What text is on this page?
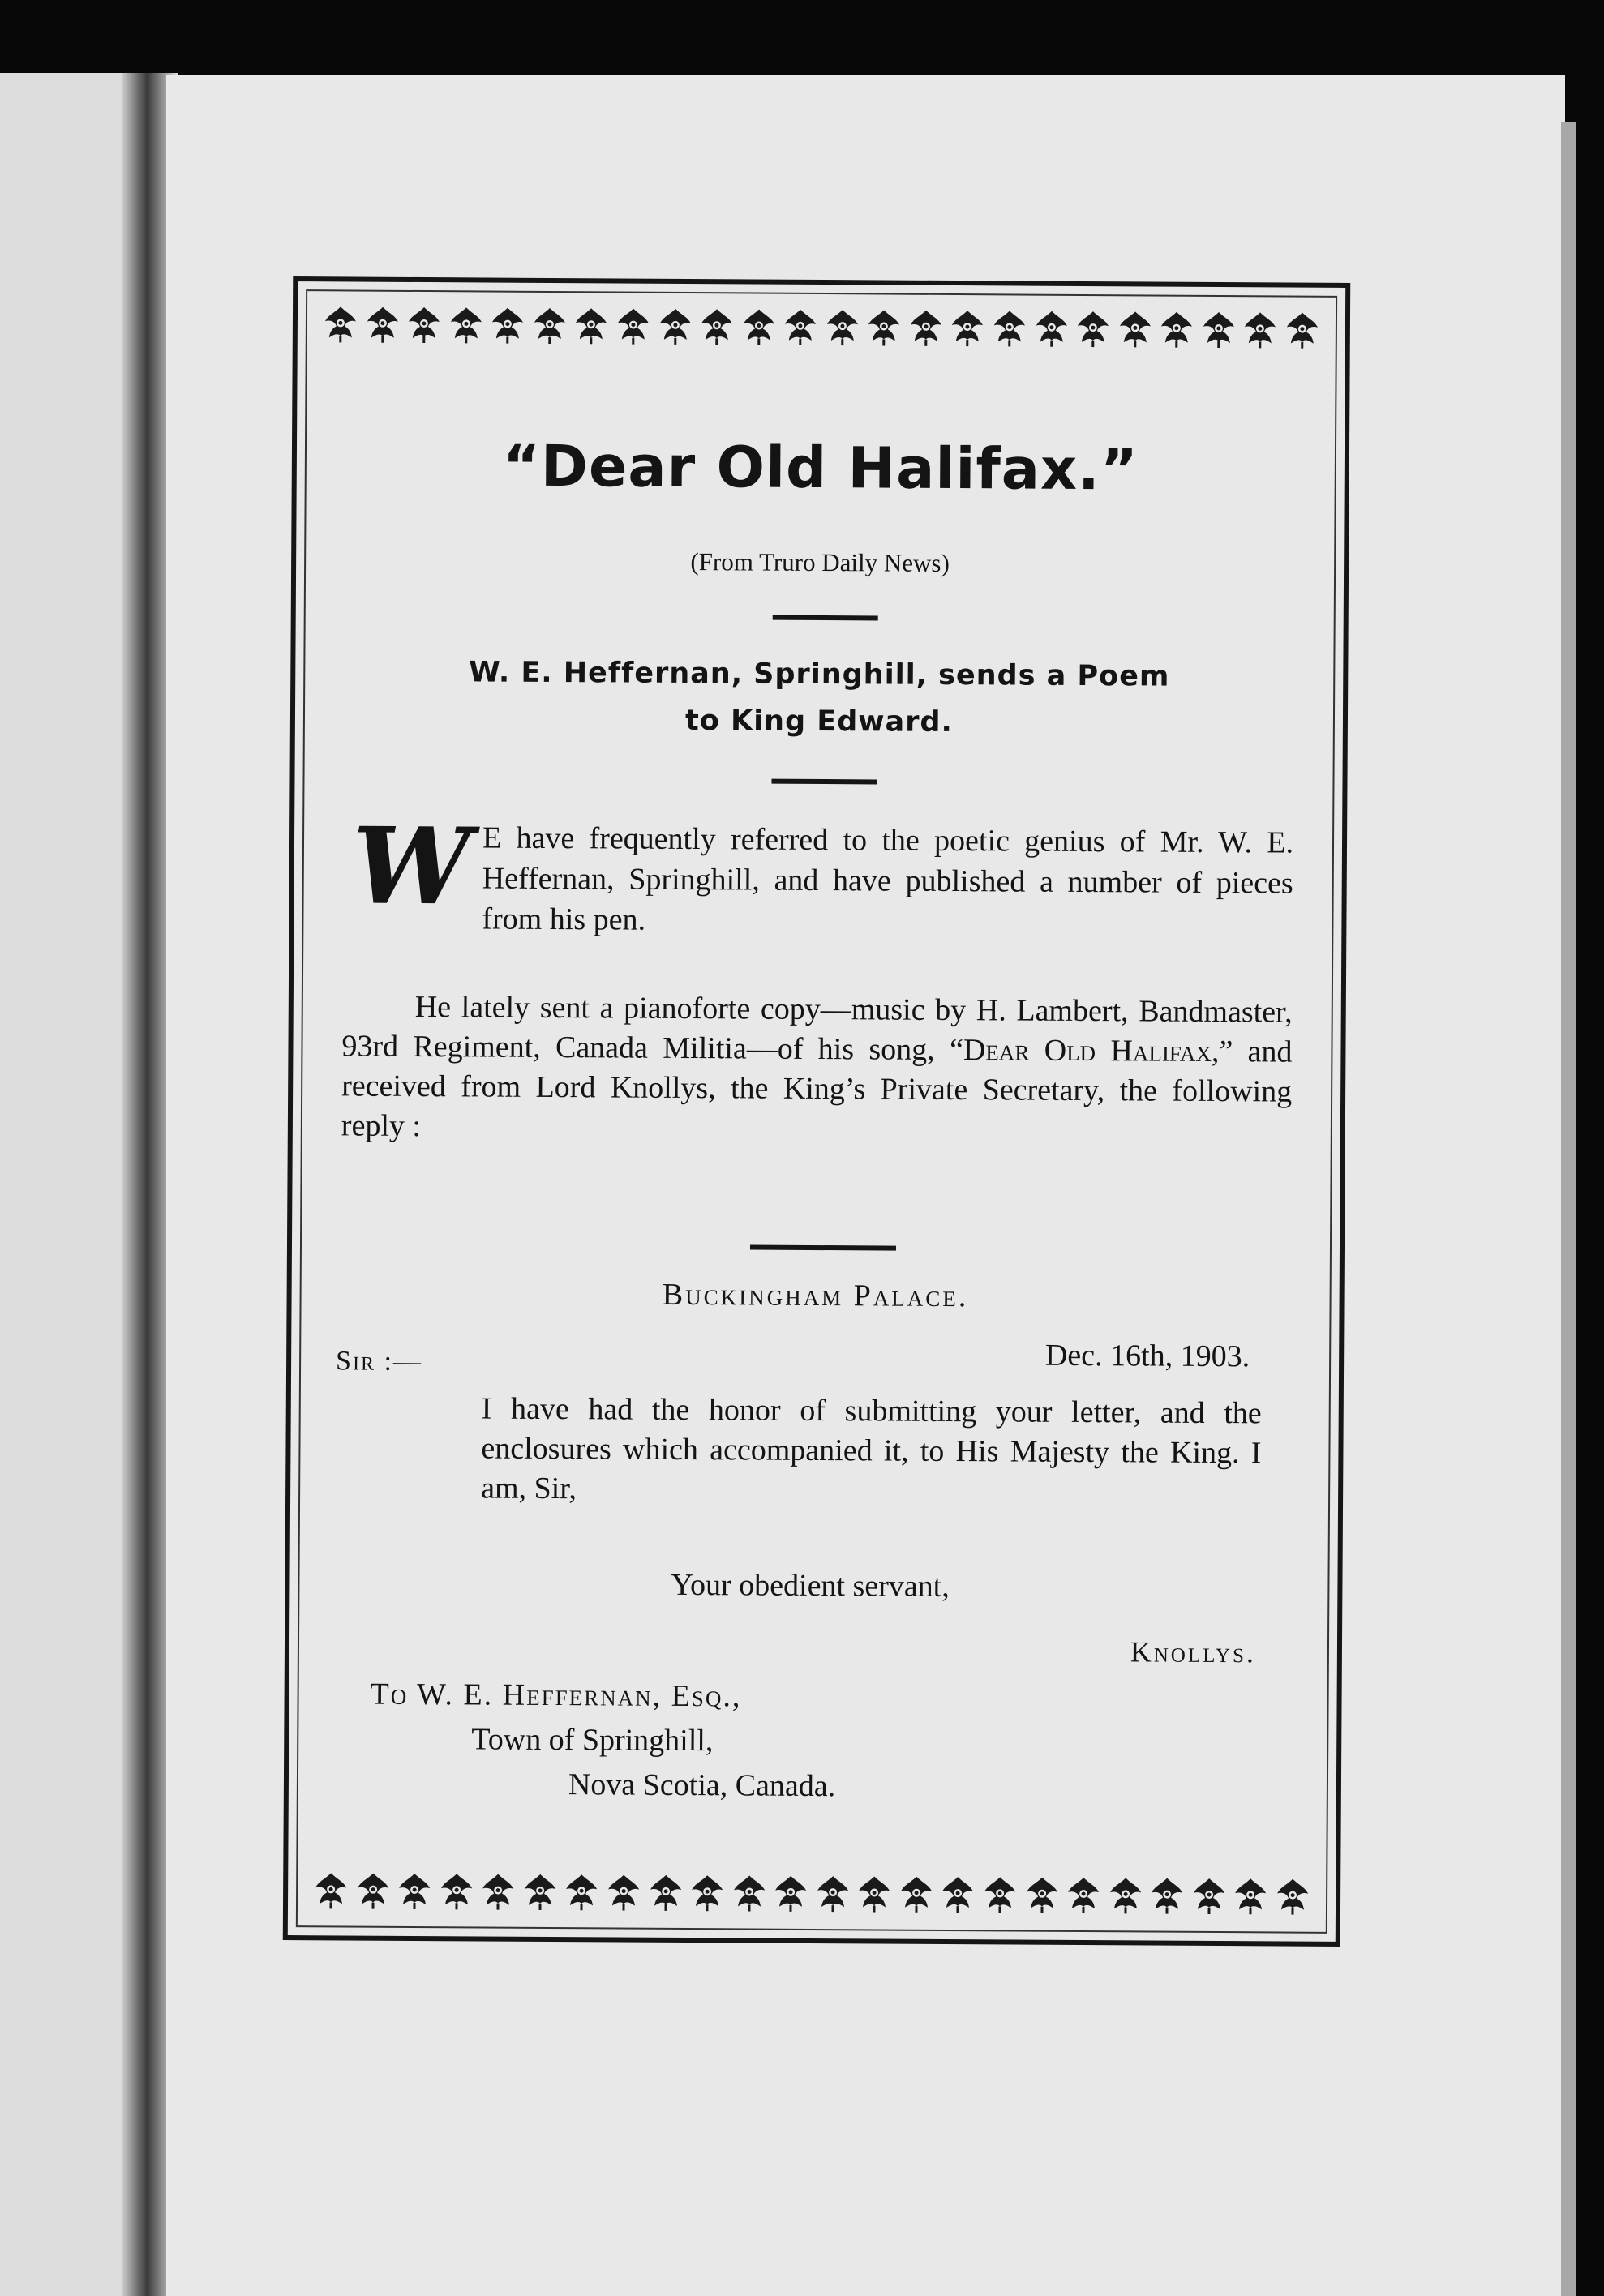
“Dear Old Halifax.”
(From Truro Daily News)
W. E. Heffernan, Springhill, sends a Poem
to King Edward.
W E have frequently referred to the poetic genius of Mr. W. E. Heffernan, Springhill, and have published a number of pieces from his pen.
He lately sent a pianoforte copy—music by H. Lambert, Bandmaster, 93rd Regiment, Canada Militia—of his song, “Dear Old Halifax,” and received from Lord Knollys, the King’s Private Secretary, the following reply :
Buckingham Palace.
Sir :—	Dec. 16th, 1903.
I have had the honor of submitting your letter, and the enclosures which accompanied it, to His Majesty the King. I am, Sir,
Your obedient servant,
Knollys.
To W. E. Heffernan, Esq.,
Town of Springhill,
Nova Scotia, Canada.
